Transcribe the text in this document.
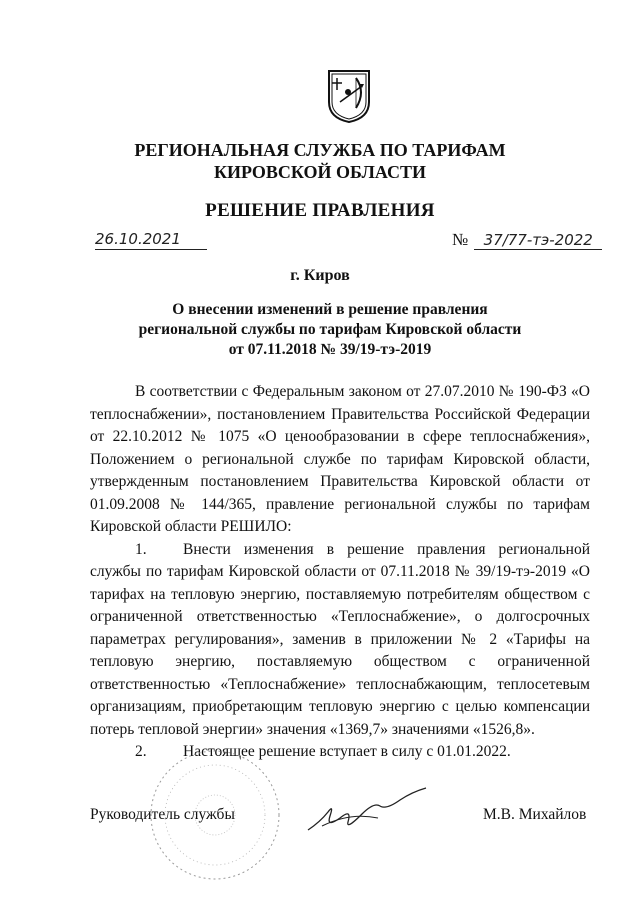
РЕГИОНАЛЬНАЯ СЛУЖБА ПО ТАРИФАМ
КИРОВСКОЙ ОБЛАСТИ
РЕШЕНИЕ ПРАВЛЕНИЯ
26.10.2021	№ 37/77-тэ-2022
г. Киров
О внесении изменений в решение правления
региональной службы по тарифам Кировской области
от 07.11.2018 № 39/19-тэ-2019

В соответствии с Федеральным законом от 27.07.2010 № 190-ФЗ «О теплоснабжении», постановлением Правительства Российской Федерации от 22.10.2012 № 1075 «О ценообразовании в сфере теплоснабжения», Положением о региональной службе по тарифам Кировской области, утвержденным постановлением Правительства Кировской области от 01.09.2008 № 144/365, правление региональной службы по тарифам Кировской области РЕШИЛО:

1. Внести изменения в решение правления региональной службы по тарифам Кировской области от 07.11.2018 № 39/19-тэ-2019 «О тарифах на тепловую энергию, поставляемую потребителям обществом с ограниченной ответственностью «Теплоснабжение», о долгосрочных параметрах регулирования», заменив в приложении № 2 «Тарифы на тепловую энергию, поставляемую обществом с ограниченной ответственностью «Теплоснабжение» теплоснабжающим, теплосетевым организациям, приобретающим тепловую энергию с целью компенсации потерь тепловой энергии» значения «1369,7» значениями «1526,8».

2. Настоящее решение вступает в силу с 01.01.2022.

Руководитель службы	М.В. Михайлов
